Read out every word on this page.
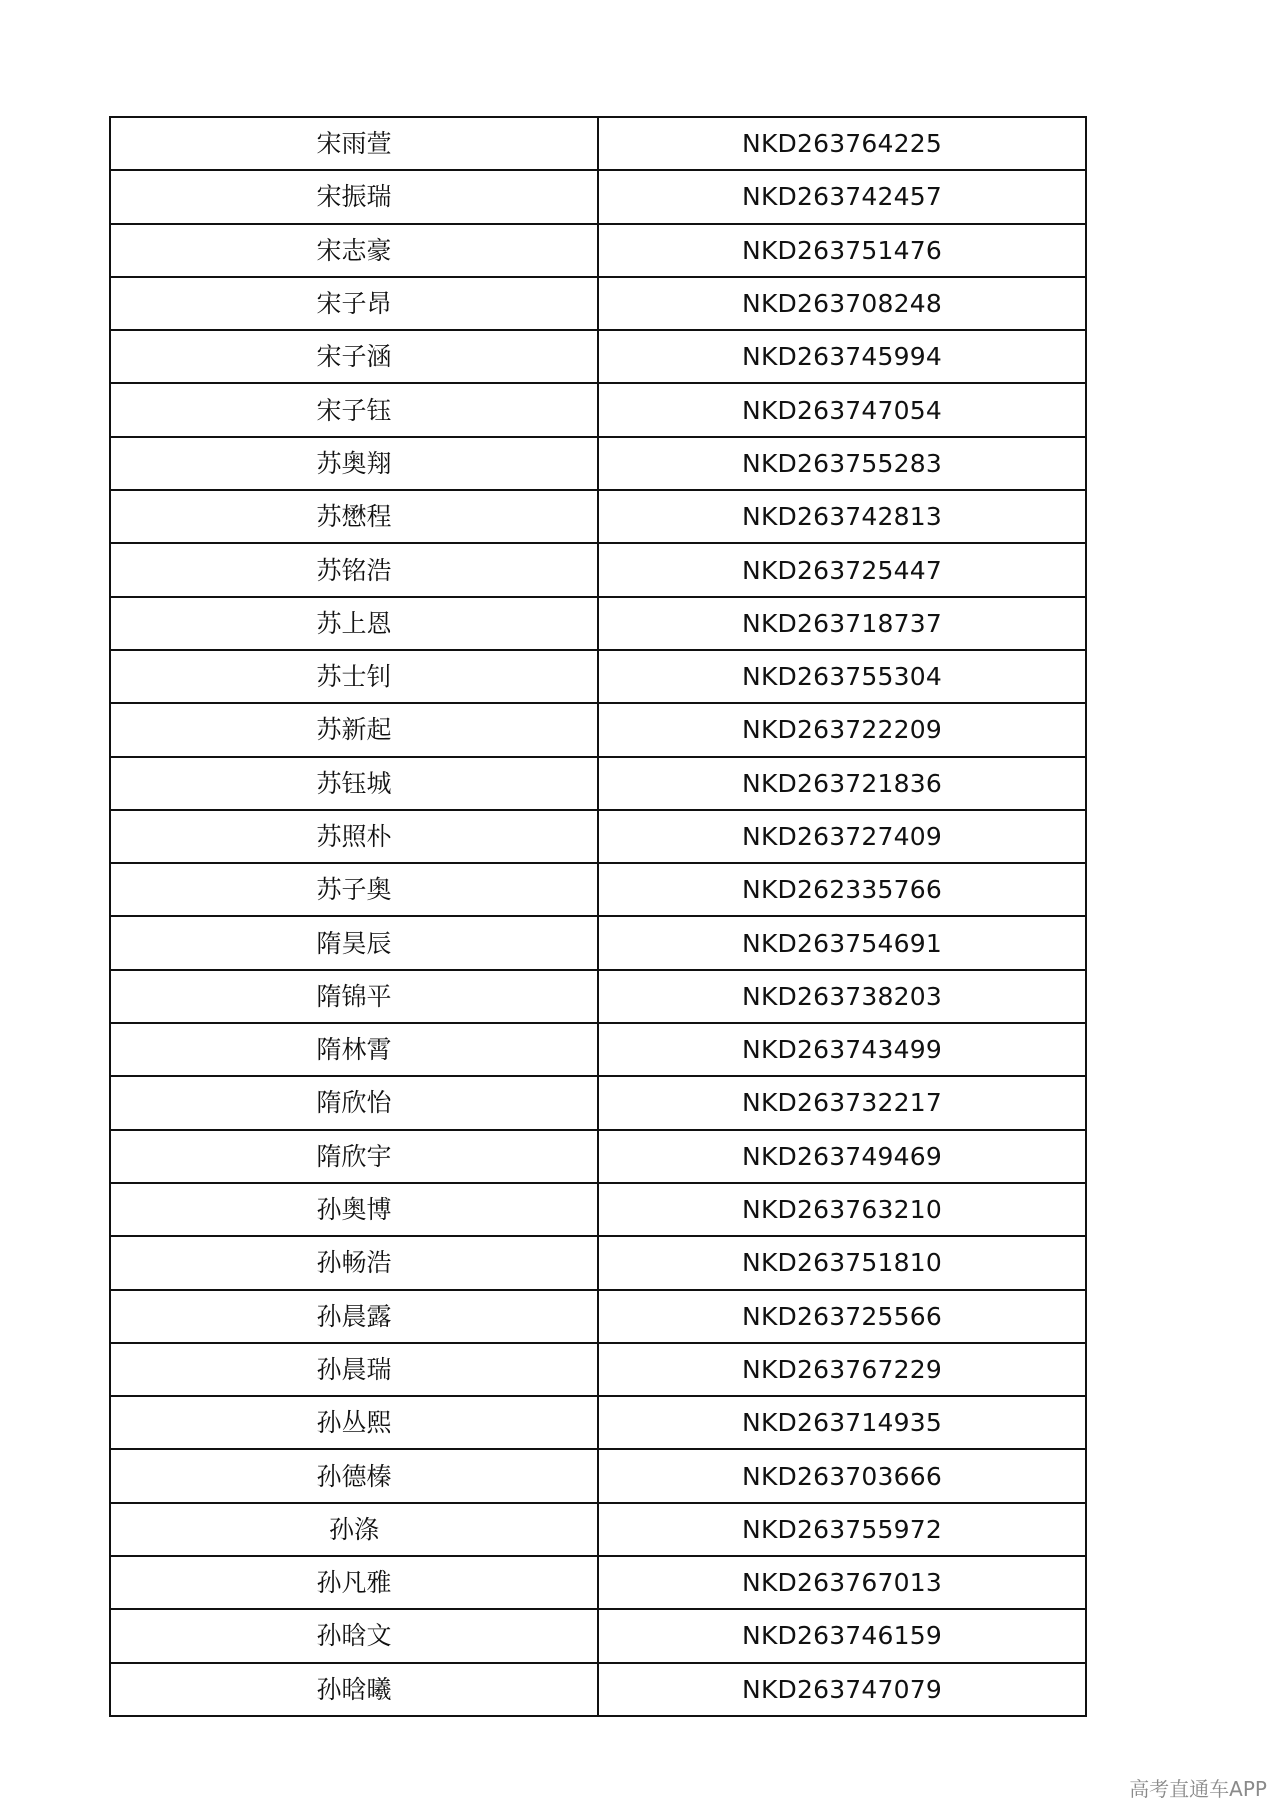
宋雨萱	NKD263764225
宋振瑞	NKD263742457
宋志豪	NKD263751476
宋子昂	NKD263708248
宋子涵	NKD263745994
宋子钰	NKD263747054
苏奥翔	NKD263755283
苏懋程	NKD263742813
苏铭浩	NKD263725447
苏上恩	NKD263718737
苏士钊	NKD263755304
苏新起	NKD263722209
苏钰城	NKD263721836
苏照朴	NKD263727409
苏子奥	NKD262335766
隋昊辰	NKD263754691
隋锦平	NKD263738203
隋林霄	NKD263743499
隋欣怡	NKD263732217
隋欣宇	NKD263749469
孙奥博	NKD263763210
孙畅浩	NKD263751810
孙晨露	NKD263725566
孙晨瑞	NKD263767229
孙丛熙	NKD263714935
孙德榛	NKD263703666
孙涤	NKD263755972
孙凡雅	NKD263767013
孙晗文	NKD263746159
孙晗曦	NKD263747079
高考直通车APP
